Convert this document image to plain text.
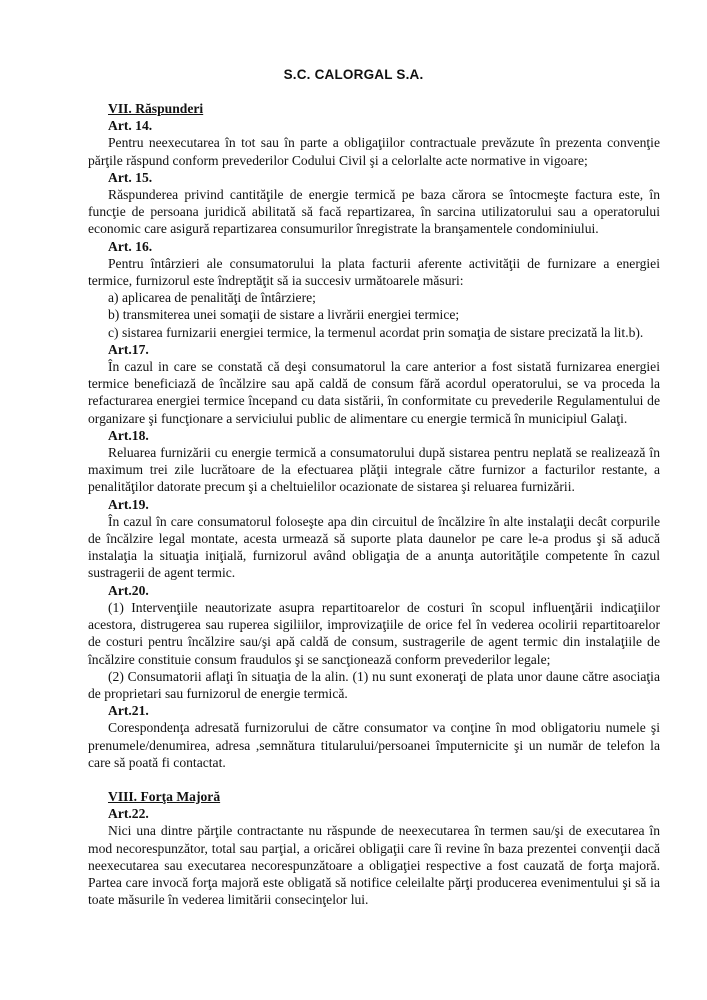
S.C. CALORGAL S.A.
VII. Răspunderi
Art. 14.
Pentru neexecutarea în tot sau în parte a obligaţiilor contractuale prevăzute în prezenta convenţie părţile răspund conform prevederilor Codului Civil şi a celorlalte acte normative in vigoare;
Art. 15.
Răspunderea privind cantităţile de energie termică pe baza cărora se întocmeşte factura este, în funcţie de persoana juridică abilitată să facă repartizarea, în sarcina utilizatorului sau a operatorului economic care asigură repartizarea consumurilor înregistrate la branşamentele condominiului.
Art. 16.
Pentru întârzieri ale consumatorului la plata facturii aferente activităţii de furnizare a energiei termice, furnizorul este îndreptăţit să ia succesiv următoarele măsuri:
a) aplicarea de penalităţi de întârziere;
b) transmiterea unei somaţii de sistare a livrării energiei termice;
c) sistarea furnizarii energiei termice, la termenul acordat prin somaţia de sistare precizată la lit.b).
Art.17.
În cazul in care se constată că deşi consumatorul la care anterior a fost sistată furnizarea energiei termice beneficiază de încălzire sau apă caldă de consum fără acordul operatorului, se va proceda la refacturarea energiei termice începand cu data sistării, în conformitate cu prevederile Regulamentului de organizare şi funcţionare a serviciului public de alimentare cu energie termică în municipiul Galaţi.
Art.18.
Reluarea furnizării cu energie termică a consumatorului după sistarea pentru neplată se realizează în maximum trei zile lucrătoare de la efectuarea plăţii integrale către furnizor a facturilor restante, a penalităţilor datorate precum şi a cheltuielilor ocazionate de sistarea şi reluarea furnizării.
Art.19.
În cazul în care consumatorul foloseşte apa din circuitul de încălzire în alte instalaţii decât corpurile de încălzire legal montate, acesta urmează să suporte plata daunelor pe care le-a produs şi să aducă instalaţia la situaţia iniţială, furnizorul având obligaţia de a anunţa autorităţile competente în cazul sustragerii de agent termic.
Art.20.
(1) Intervenţiile neautorizate asupra repartitoarelor de costuri în scopul influenţării indicaţiilor acestora, distrugerea sau ruperea sigiliilor, improvizaţiile de orice fel în vederea ocolirii repartitoarelor de costuri pentru încălzire sau/şi apă caldă de consum, sustragerile de agent termic din instalaţiile de încălzire constituie consum fraudulos şi se sancţionează conform prevederilor legale;
(2) Consumatorii aflaţi în situaţia de la alin. (1) nu sunt exoneraţi de plata unor daune către asociaţia de proprietari sau furnizorul de energie termică.
Art.21.
Corespondenţa adresată furnizorului de către consumator va conţine în mod obligatoriu numele şi prenumele/denumirea, adresa ,semnătura titularului/persoanei împuternicite şi un număr de telefon la care să poată fi contactat.
VIII. Forţa Majoră
Art.22.
Nici una dintre părţile contractante nu răspunde de neexecutarea în termen sau/şi de executarea în mod necorespunzător, total sau parţial, a oricărei obligaţii care îi revine în baza prezentei convenţii dacă neexecutarea sau executarea necorespunzătoare a obligaţiei respective a fost cauzată de forţa majoră. Partea care invocă forţa majoră este obligată să notifice celeilalte părţi producerea evenimentului şi să ia toate măsurile în vederea limitării consecinţelor lui.
